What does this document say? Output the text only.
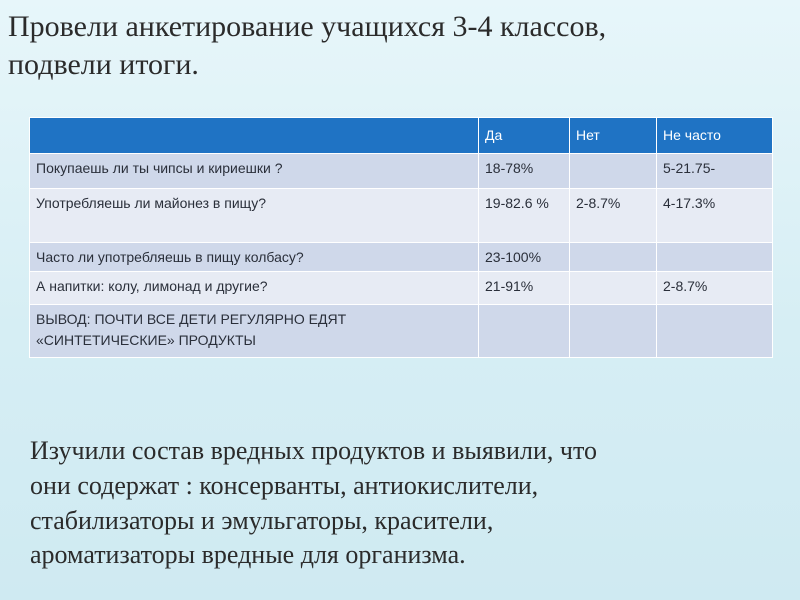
Провели анкетирование учащихся 3-4 классов,
подвели итоги.
	Да	Нет	Не часто
Покупаешь ли ты чипсы и кириешки ?	18-78%		5-21.75-
Употребляешь ли майонез в пищу?	19-82.6 %	2-8.7%	4-17.3%
Часто ли употребляешь в пищу колбасу?	23-100%		
А напитки: колу, лимонад и другие?	21-91%		2-8.7%
ВЫВОД: ПОЧТИ ВСЕ ДЕТИ РЕГУЛЯРНО ЕДЯТ «СИНТЕТИЧЕСКИЕ» ПРОДУКТЫ			
Изучили состав вредных продуктов и выявили, что
они содержат : консерванты, антиокислители,
стабилизаторы и эмульгаторы, красители,
ароматизаторы вредные для организма.
